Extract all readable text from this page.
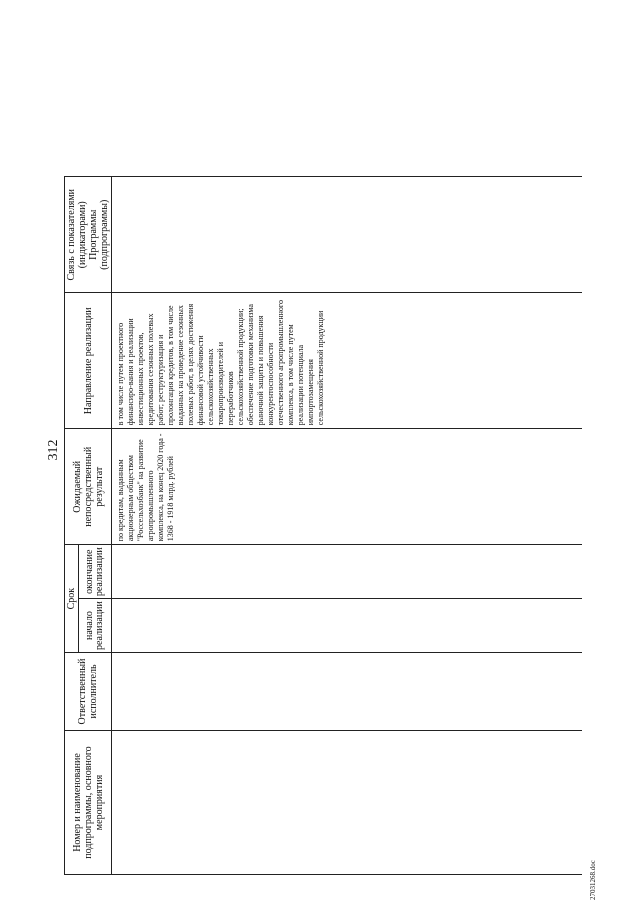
312
Номер и наименование подпрограммы, основного мероприятия	Ответственный исполнитель	Срок		Ожидаемый непосредственный результат	Направление реализации	Связь с показателями (индикаторами) Программы (подпрограммы)
		начало реализации	окончание реализации			
				по кредитам, выданным акционерным обществом "Россельхозбанк" на развитие агропромышленного комплекса, на конец 2020 года - 1368 - 1918 млрд. рублей	в том числе путем проектного финансиро-вания и реализации инвестиционных проектов, кредитования сезонных полевых работ; реструктуризация и пролонгация кредитов, в том числе выданных на проведение сезонных полевых работ, в целях достижения финансовой устойчивости сельскохозяйственных товаропроизводителей и переработчиков сельскохозяйственной продукции; обеспечение подготовки механизма рыночной защиты и повышения конкурентоспособности отечественного агропромышленного комплекса, в том числе путем реализации потенциала импортозамещения сельскохозяйственной продукции	
27031268.doc
